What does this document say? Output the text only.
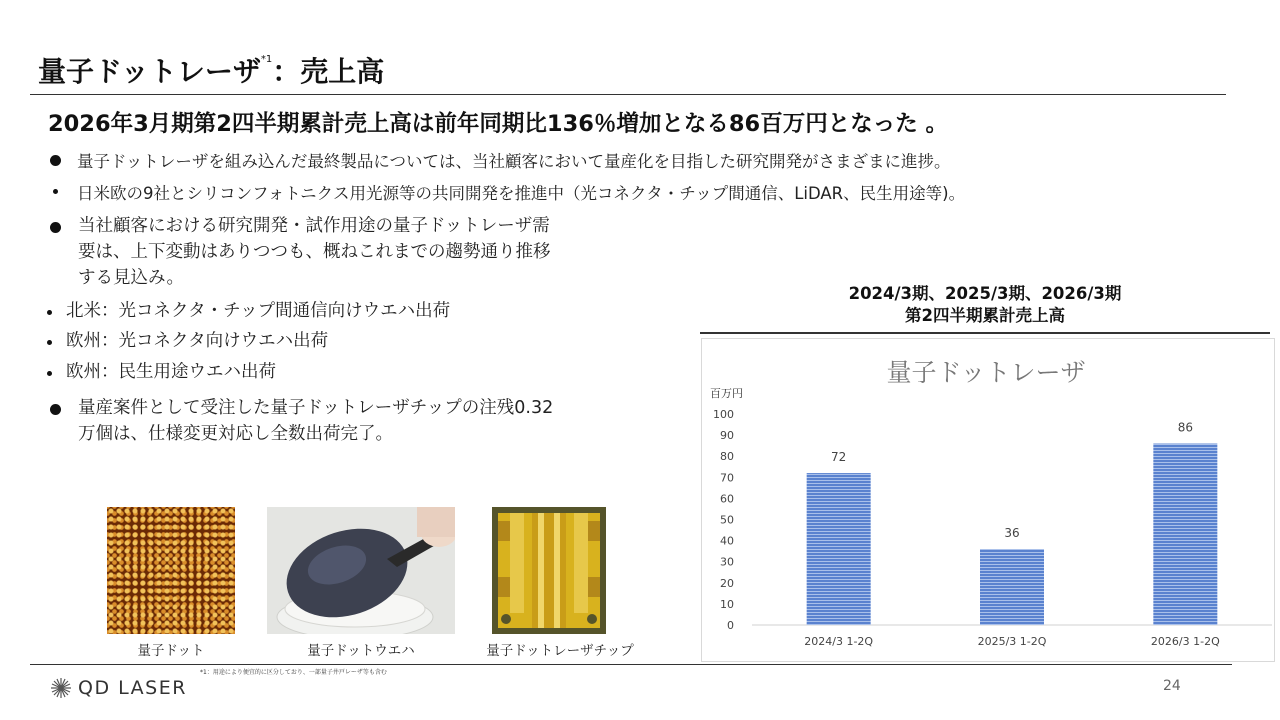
量子ドットレーザ$^{*1}$：売上高
2026年3月期第2四半期累計売上高は前年同期比136％増加となる86百万円となった 。
量子ドットレーザを組み込んだ最終製品については、当社顧客において量産化を目指した研究開発がさまざまに進捗。
日米欧の9社とシリコンフォトニクス用光源等の共同開発を推進中（光コネクタ・チップ間通信、LiDAR、民生用途等)。
当社顧客における研究開発・試作用途の量子ドットレーザ需
要は、上下変動はありつつも、概ねこれまでの趨勢通り推移
する見込み。
北米：光コネクタ・チップ間通信向けウエハ出荷
欧州：光コネクタ向けウエハ出荷
欧州：民生用途ウエハ出荷
量産案件として受注した量子ドットレーザチップの注残0.32
万個は、仕様変更対応し全数出荷完了。
量子ドット	量子ドットウエハ	量子ドットレーザチップ
2024/3期、2025/3期、2026/3期
第2四半期累計売上高
量子ドットレーザ
百万円
0
10
20
30
40
50
60
70
80
90
100
72
36
86
2024/3 1-2Q	2025/3 1-2Q	2026/3 1-2Q
*1：用途により便宜的に区分しており、一部量子井戸レーザ等も含む
QD LASER	24
